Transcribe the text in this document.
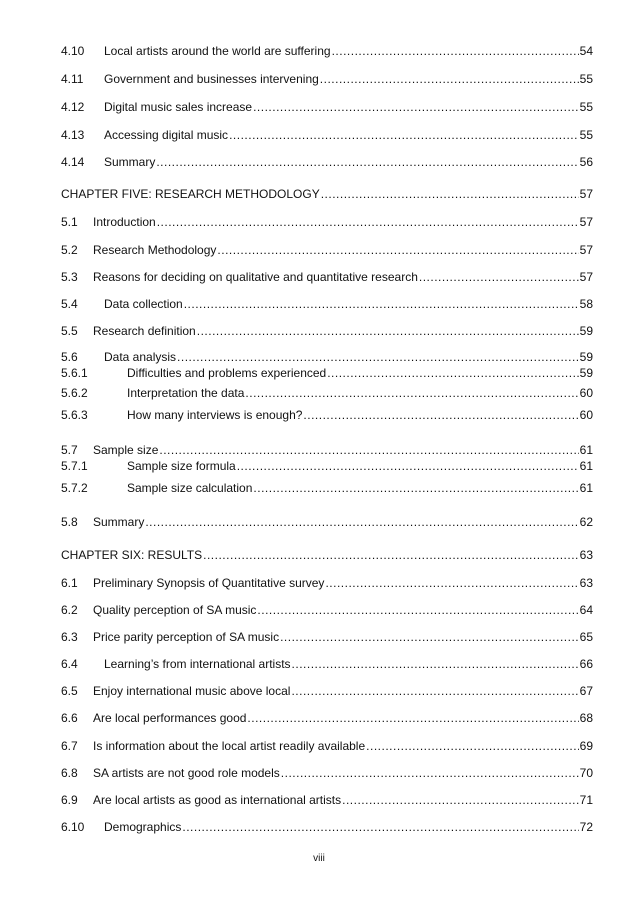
4.10	Local artists around the world are suffering .....	54
4.11	Government and businesses intervening .....	55
4.12	Digital music sales increase .....	55
4.13	Accessing digital music .....	55
4.14	Summary .....	56
CHAPTER FIVE: RESEARCH METHODOLOGY .....	57
5.1	Introduction .....	57
5.2	Research Methodology .....	57
5.3	Reasons for deciding on qualitative and quantitative research .....	57
5.4	Data collection .....	58
5.5	Research definition .....	59
5.6	Data analysis .....	59
5.6.1	Difficulties and problems experienced .....	59
5.6.2	Interpretation the data .....	60
5.6.3	How many interviews is enough? .....	60
5.7	Sample size .....	61
5.7.1	Sample size formula .....	61
5.7.2	Sample size calculation .....	61
5.8	Summary .....	62
CHAPTER SIX: RESULTS .....	63
6.1	Preliminary Synopsis of Quantitative survey .....	63
6.2	Quality perception of SA music .....	64
6.3	Price parity perception of SA music .....	65
6.4	Learning’s from international artists .....	66
6.5	Enjoy international music above local .....	67
6.6	Are local performances good .....	68
6.7	Is information about the local artist readily available .....	69
6.8	SA artists are not good role models .....	70
6.9	Are local artists as good as international artists .....	71
6.10	Demographics .....	72
viii
